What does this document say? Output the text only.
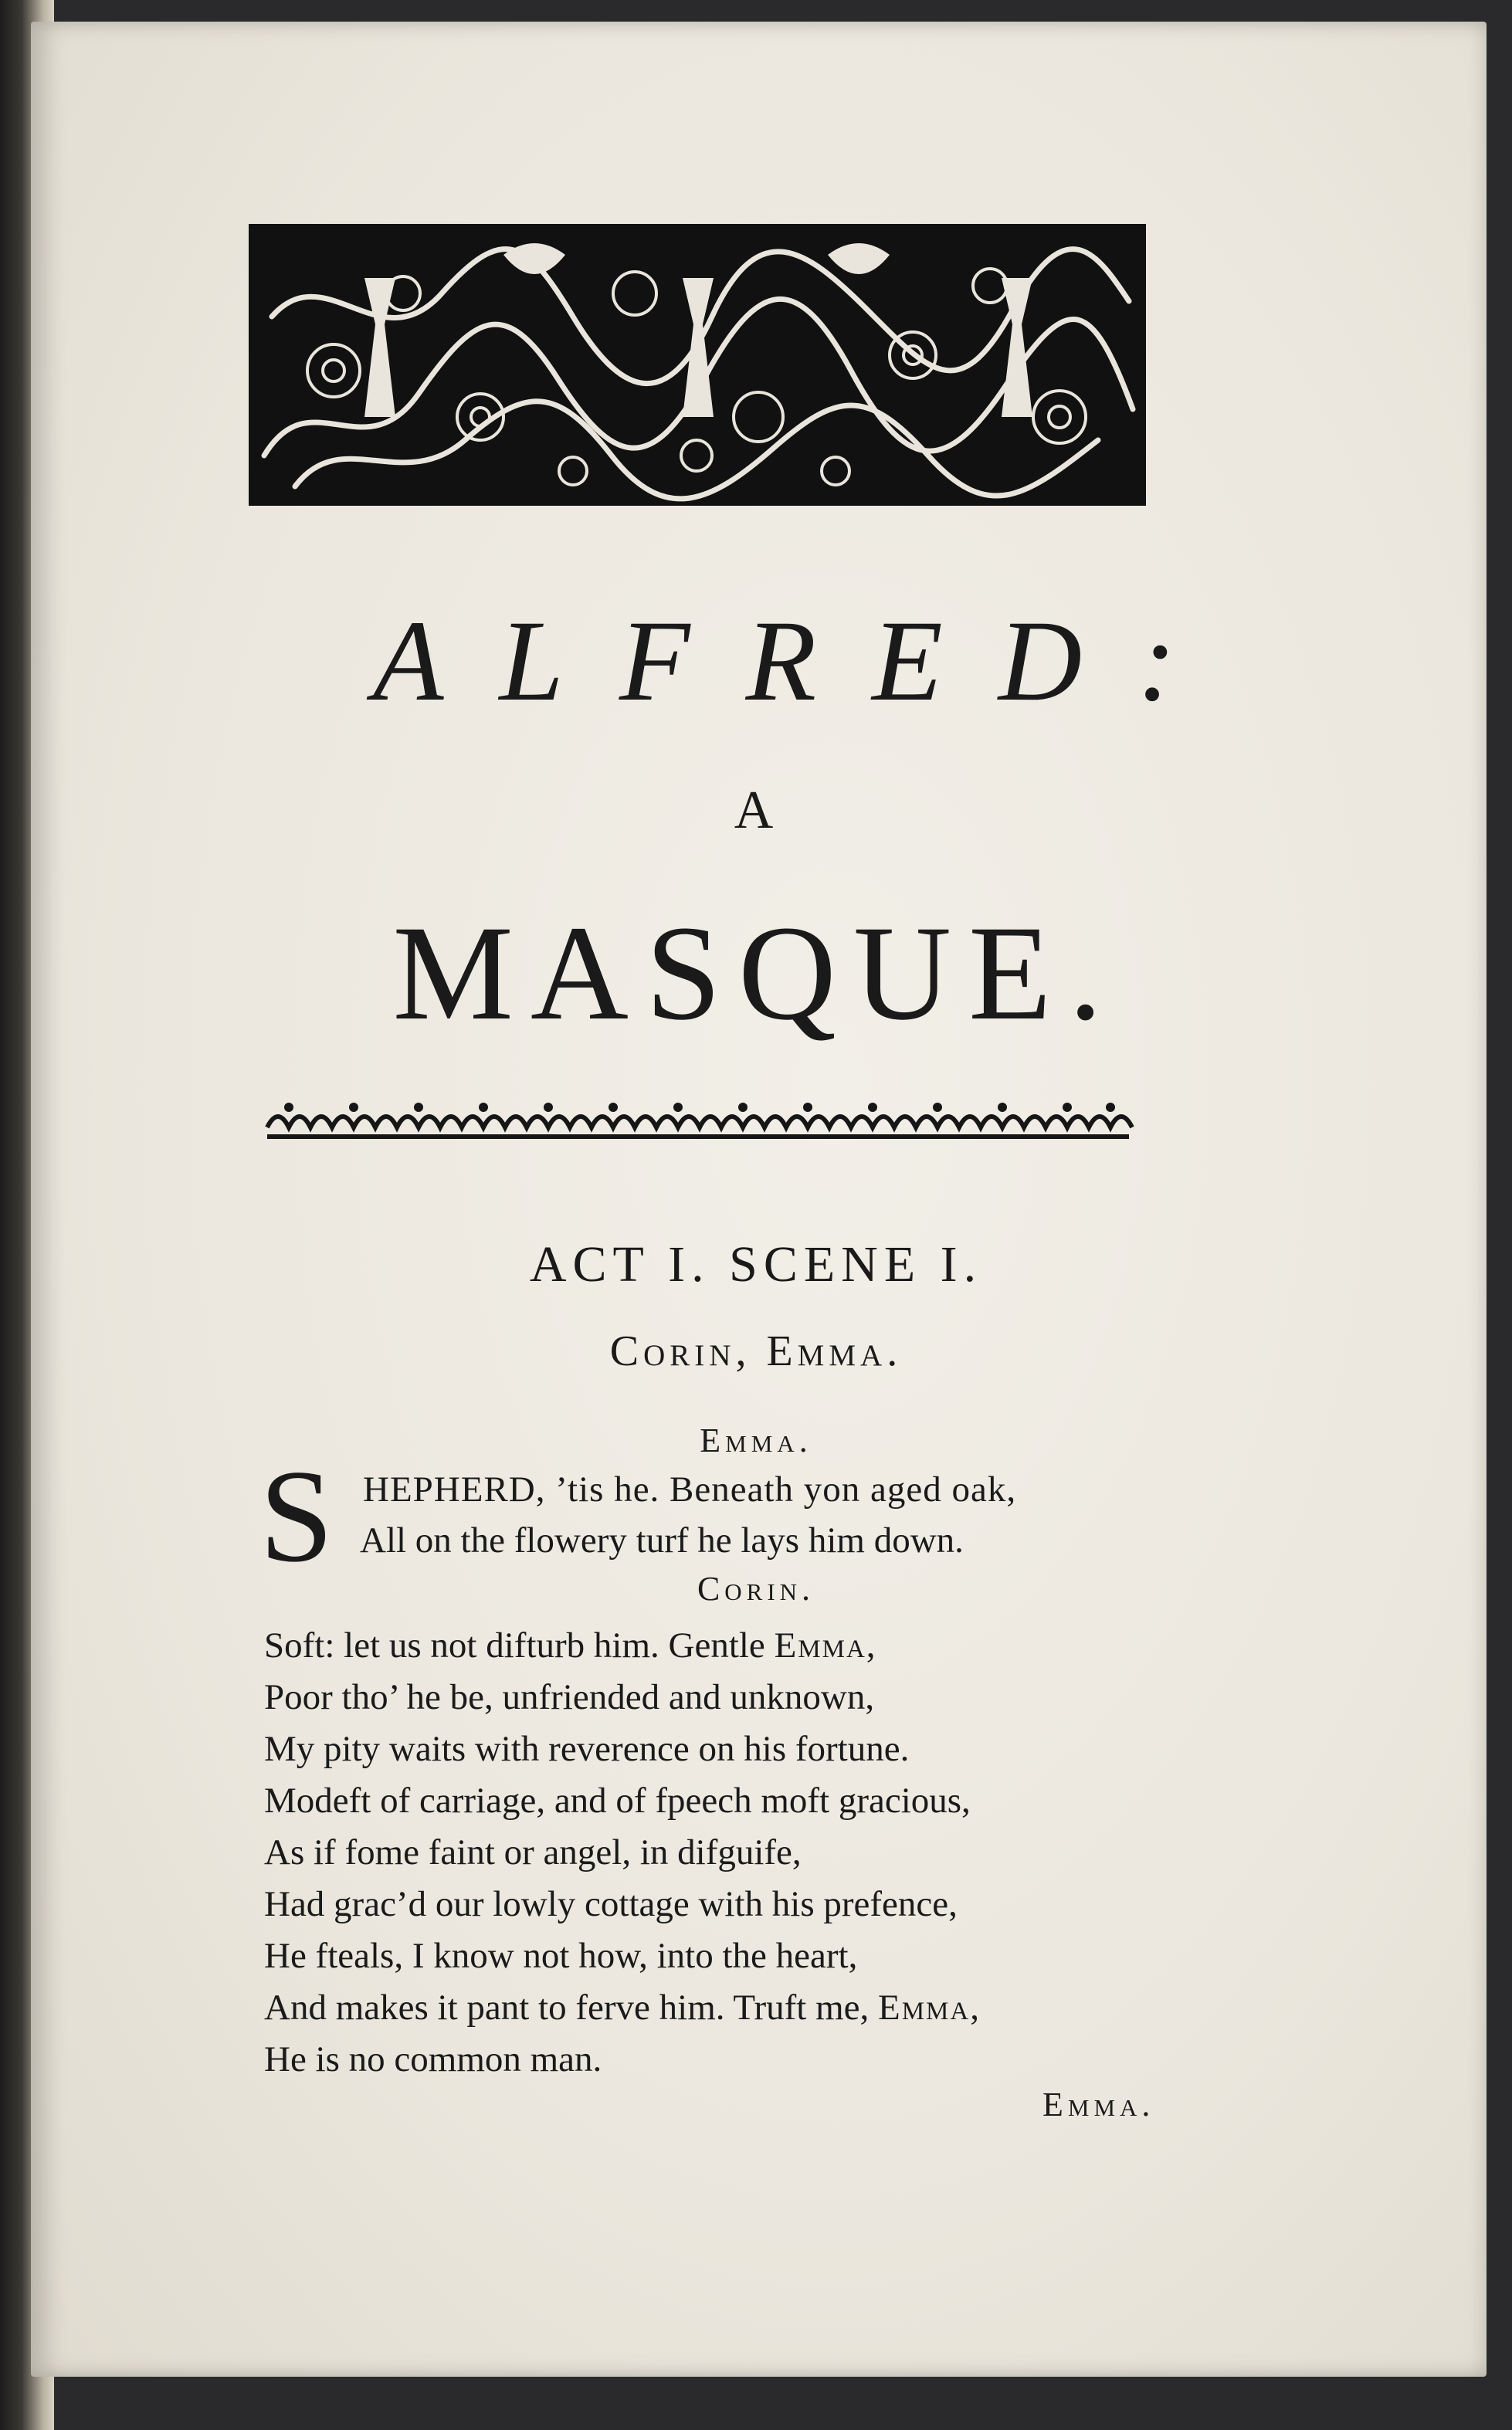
ALFRED:
A
MASQUE.
ACT I. SCENE I.
Corin, Emma.
Emma.
S HEPHERD, ’tis he. Beneath yon aged oak,
All on the flowery turf he lays him down.
Corin.

Soft: let us not difturb him. Gentle Emma,

Poor tho’ he be, unfriended and unknown,

My pity waits with reverence on his fortune.

Modeft of carriage, and of fpeech moft gracious,

As if fome faint or angel, in difguife,

Had grac’d our lowly cottage with his prefence,

He fteals, I know not how, into the heart,

And makes it pant to ferve him. Truft me, Emma,

He is no common man.

Emma.
